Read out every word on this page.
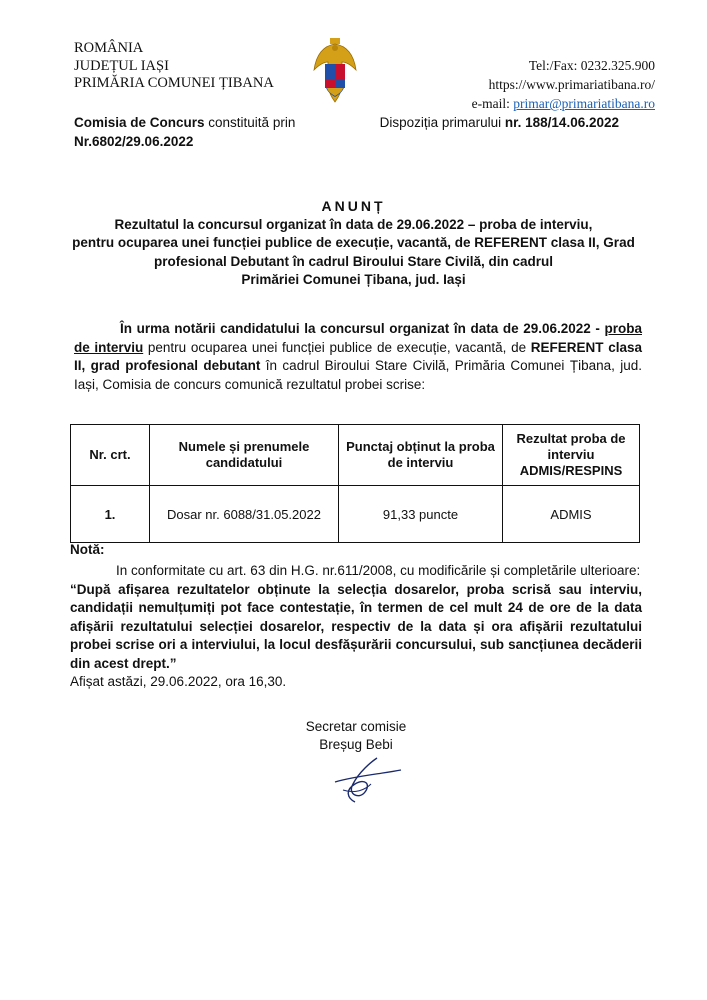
ROMÂNIA
JUDEȚUL IAȘI
PRIMĂRIA COMUNEI ȚIBANA
Tel:/Fax: 0232.325.900
https://www.primariatibana.ro/
e-mail: primar@primariatibana.ro
Comisia de Concurs constituită prin
Nr.6802/29.06.2022
Dispoziția primarului nr. 188/14.06.2022
ANUNȚ
Rezultatul la concursul organizat în data de 29.06.2022 – proba de interviu,
pentru ocuparea unei funcției publice de execuție, vacantă, de REFERENT clasa II, Grad
profesional Debutant în cadrul Biroului Stare Civilă, din cadrul
Primăriei Comunei Țibana, jud. Iași
În urma notării candidatului la concursul organizat în data de 29.06.2022 - proba de interviu pentru ocuparea unei funcției publice de execuție, vacantă, de REFERENT clasa II, grad profesional debutant în cadrul Biroului Stare Civilă, Primăria Comunei Țibana, jud. Iași, Comisia de concurs comunică rezultatul probei scrise:
Nr. crt.	Numele și prenumele candidatului	Punctaj obținut la proba de interviu	Rezultat proba de interviu ADMIS/RESPINS
1.	Dosar nr. 6088/31.05.2022	91,33 puncte	ADMIS
Notă:
In conformitate cu art. 63 din H.G. nr.611/2008, cu modificările și completările ulterioare:
“După afișarea rezultatelor obținute la selecția dosarelor, proba scrisă sau interviu, candidații nemulțumiți pot face contestație, în termen de cel mult 24 de ore de la data afișării rezultatului selecției dosarelor, respectiv de la data și ora afișării rezultatului probei scrise ori a interviului, la locul desfășurării concursului, sub sancțiunea decăderii din acest drept.”
Afișat astăzi, 29.06.2022, ora 16,30.
Secretar comisie
Breșug Bebi
